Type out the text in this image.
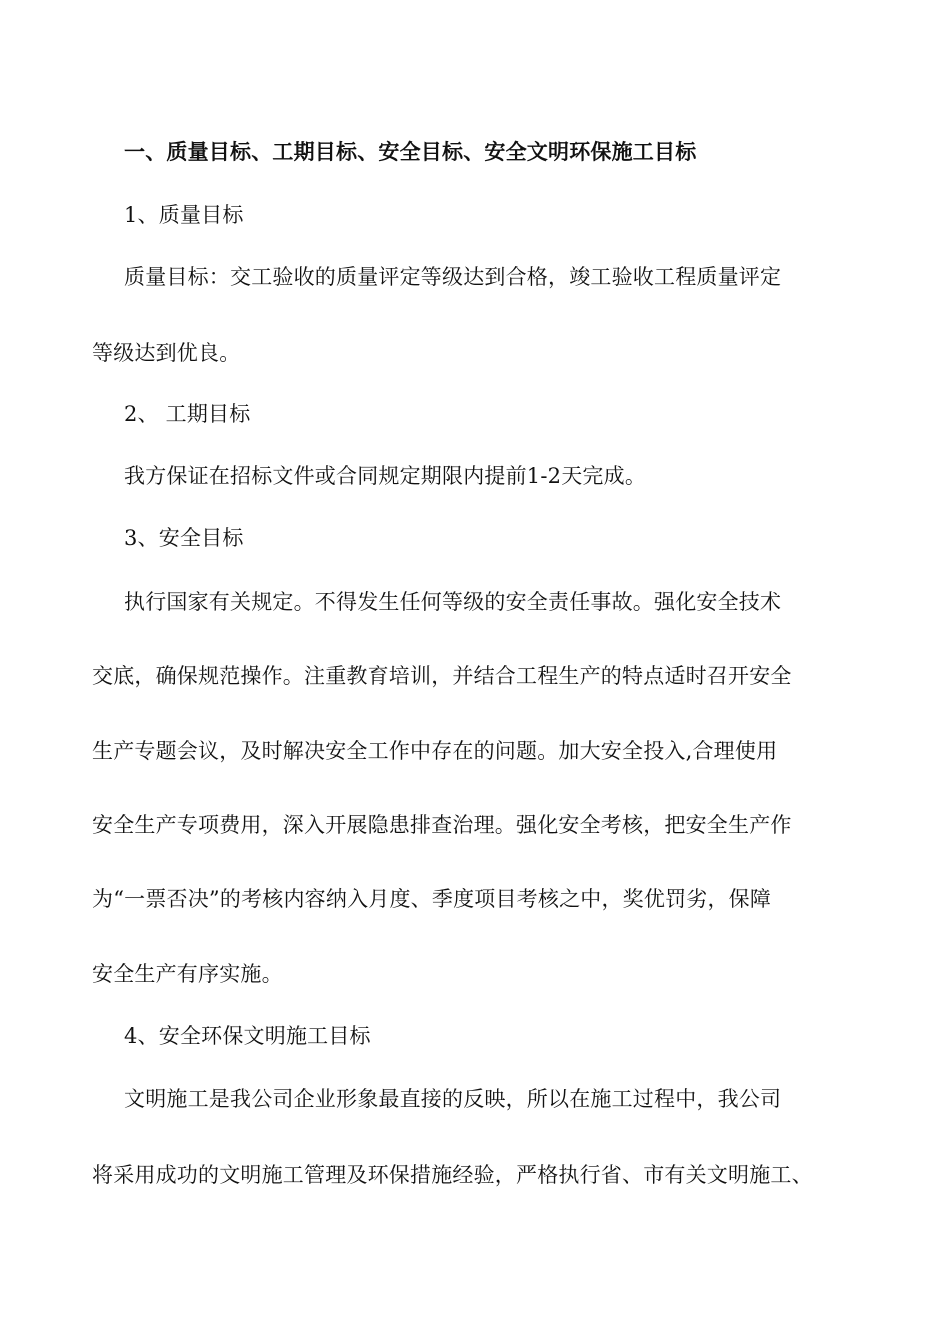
一、质量目标、工期目标、安全目标、安全文明环保施工目标
1、质量目标
质量目标：交工验收的质量评定等级达到合格，竣工验收工程质量评定
等级达到优良。
2、 工期目标
我方保证在招标文件或合同规定期限内提前1-2天完成。
3、安全目标
执行国家有关规定。不得发生任何等级的安全责任事故。强化安全技术
交底，确保规范操作。注重教育培训，并结合工程生产的特点适时召开安全
生产专题会议，及时解决安全工作中存在的问题。加大安全投入,合理使用
安全生产专项费用，深入开展隐患排查治理。强化安全考核，把安全生产作
为“一票否决”的考核内容纳入月度、季度项目考核之中，奖优罚劣，保障
安全生产有序实施。
4、安全环保文明施工目标
文明施工是我公司企业形象最直接的反映，所以在施工过程中，我公司
将采用成功的文明施工管理及环保措施经验，严格执行省、市有关文明施工、
